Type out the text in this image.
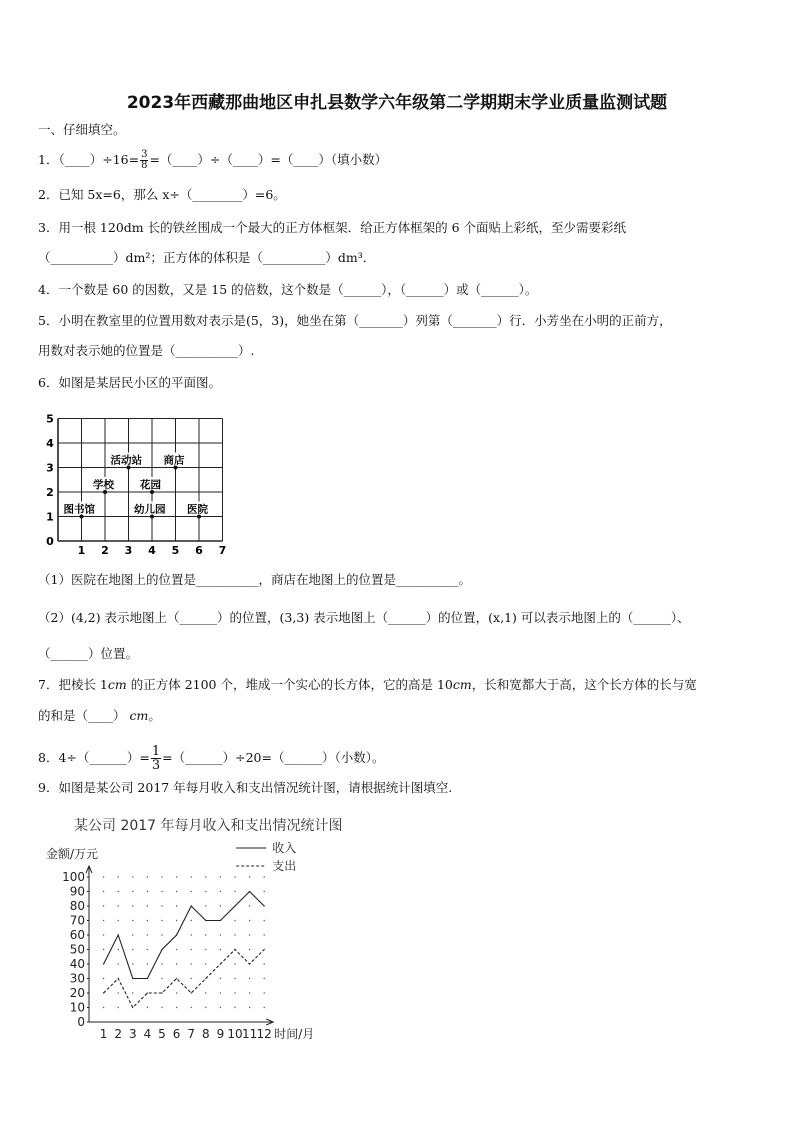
2023年西藏那曲地区申扎县数学六年级第二学期期末学业质量监测试题
一、仔细填空。
1．（____）÷16= $\frac{3}{8}$ =（____）÷（____）=（____）（填小数）
2．已知 5x=6，那么 x÷（________）=6。
3．用一根 120dm 长的铁丝围成一个最大的正方体框架．给正方体框架的 6 个面贴上彩纸，至少需要彩纸
（__________）dm²；正方体的体积是（__________）dm³．
4．一个数是 60 的因数，又是 15 的倍数，这个数是（______），（______）或（______）。
5．小明在教室里的位置用数对表示是(5，3)，她坐在第（_______）列第（_______）行．小芳坐在小明的正前方，
用数对表示她的位置是（__________）.
6．如图是某居民小区的平面图。
0
1 2 3 4 5 6 7
1
2
3
4
5
活动站 商店
花园
学校
医院
图书馆	幼儿园
（1）医院在地图上的位置是__________，商店在地图上的位置是__________。
（2）(4,2) 表示地图上（______）的位置，(3,3) 表示地图上（______）的位置，(x,1) 可以表示地图上的（______）、
（______）位置。
7．把棱长 1cm 的正方体 2100 个，堆成一个实心的长方体，它的高是 10cm，长和宽都大于高，这个长方体的长与宽
的和是（____） cm。
8．4÷（______）= $\frac{1}{3}$ =（______）÷20=（______）（小数）。
9．如图是某公司 2017 年每月收入和支出情况统计图，请根据统计图填空.
某公司 2017 年每月收入和支出情况统计图
金额/万元
时间/月
0
10
20
30
40
50
60
70
80
90
100
1 2 3 4 5 6 7 8 9 10 11 12
收入
支出
